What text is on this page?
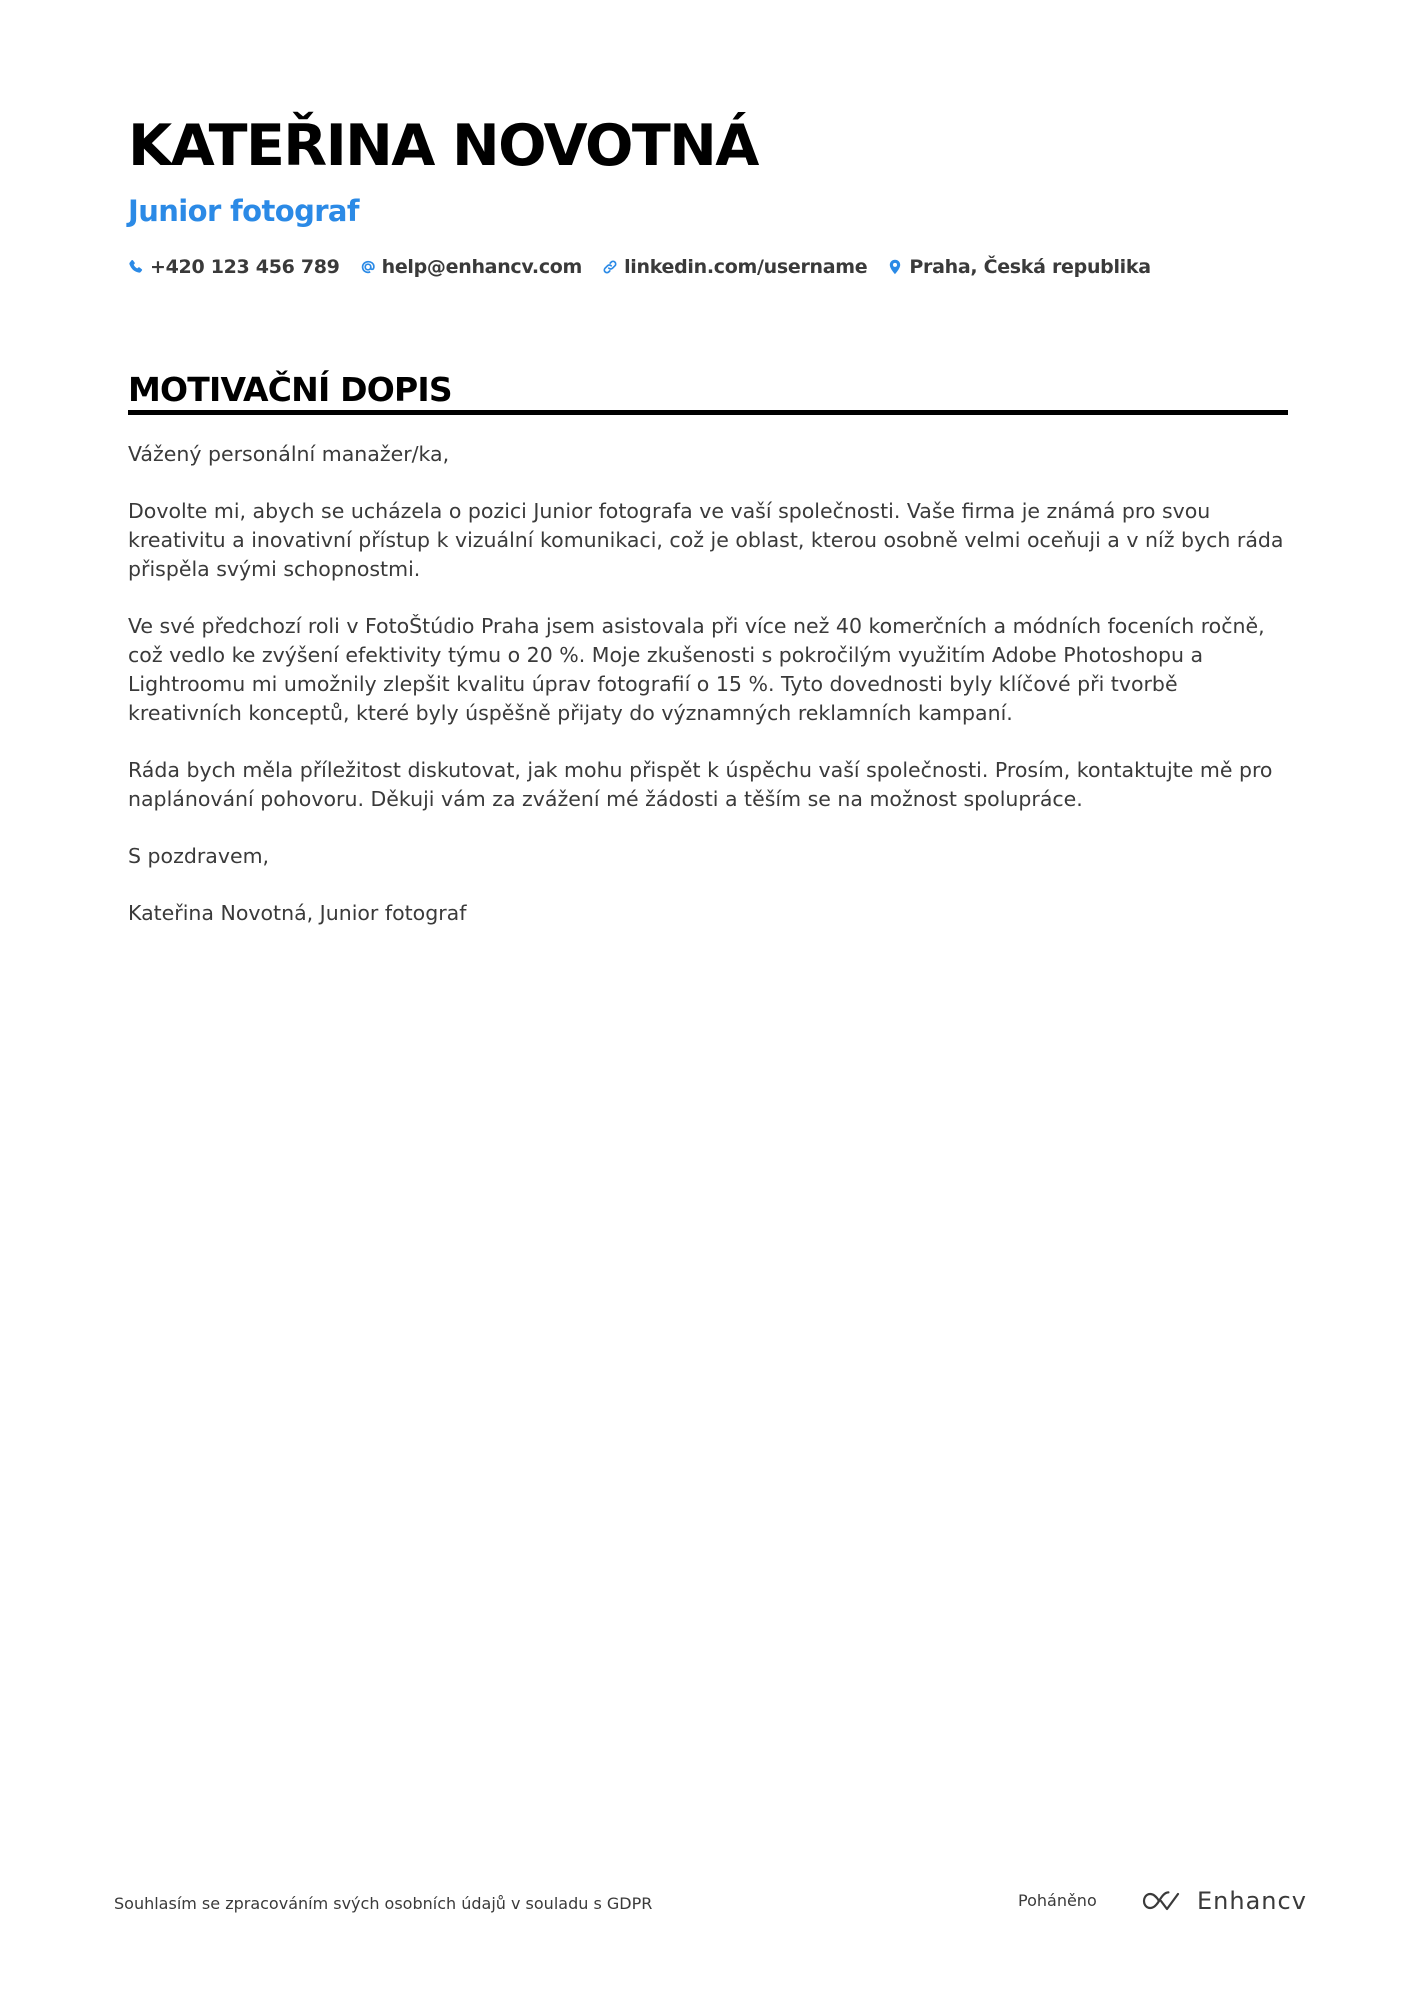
KATEŘINA NOVOTNÁ
Junior fotograf
+420 123 456 789 help@enhancv.com linkedin.com/username Praha, Česká republika
MOTIVAČNÍ DOPIS

Vážený personální manažer/ka,

Dovolte mi, abych se ucházela o pozici Junior fotografa ve vaší společnosti. Vaše firma je známá pro svou kreativitu a inovativní přístup k vizuální komunikaci, což je oblast, kterou osobně velmi oceňuji a v níž bych ráda přispěla svými schopnostmi.

Ve své předchozí roli v FotoŠtúdio Praha jsem asistovala při více než 40 komerčních a módních foceních ročně, což vedlo ke zvýšení efektivity týmu o 20 %. Moje zkušenosti s pokročilým využitím Adobe Photoshopu a Lightroomu mi umožnily zlepšit kvalitu úprav fotografií o 15 %. Tyto dovednosti byly klíčové při tvorbě kreativních konceptů, které byly úspěšně přijaty do významných reklamních kampaní.

Ráda bych měla příležitost diskutovat, jak mohu přispět k úspěchu vaší společnosti. Prosím, kontaktujte mě pro naplánování pohovoru. Děkuji vám za zvážení mé žádosti a těším se na možnost spolupráce.

S pozdravem,

Kateřina Novotná, Junior fotograf

Souhlasím se zpracováním svých osobních údajů v souladu s GDPR	Poháněno	Enhancv
